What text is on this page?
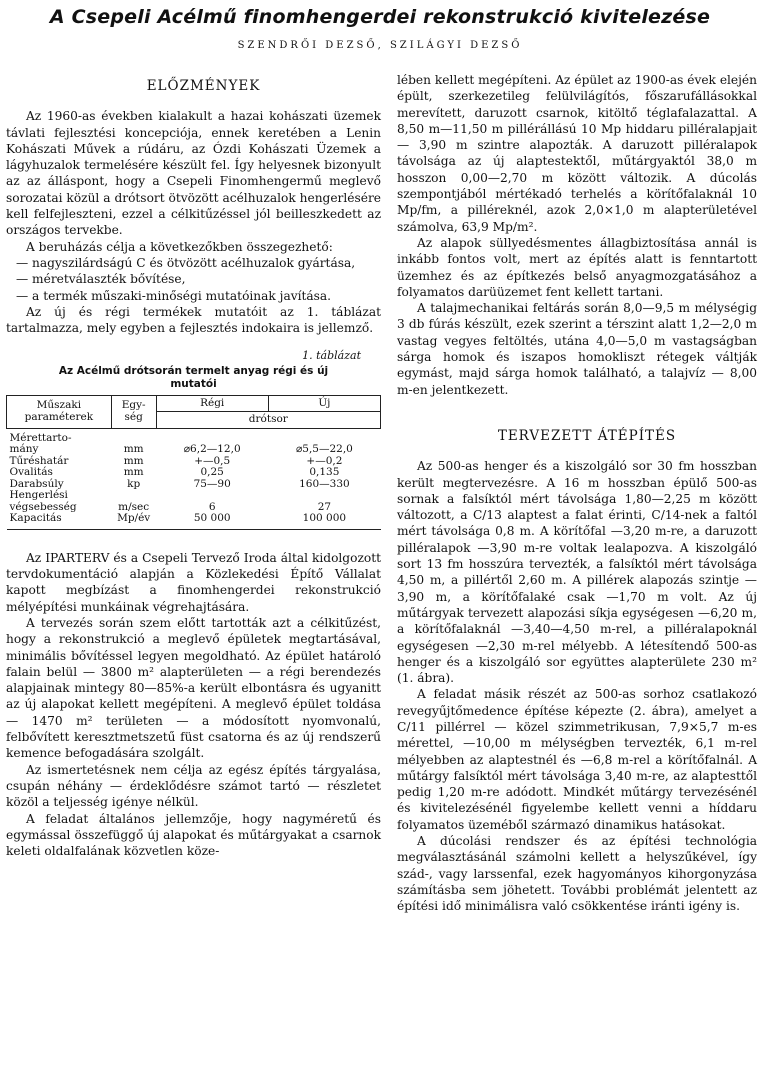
A Csepeli Acélmű finomhengerdei rekonstrukció kivitelezése
SZENDRŐI DEZSŐ, SZILÁGYI DEZSŐ

ELŐZMÉNYEK

Az 1960-as években kialakult a hazai kohászati üzemek távlati fejlesztési koncepciója, ennek keretében a Lenin Kohászati Művek a rúdáru, az Ózdi Kohászati Üzemek a lágyhuzalok termelésére készült fel. Így helyesnek bizonyult az az álláspont, hogy a Csepeli Finomhengermű meglevő sorozatai közül a drótsort ötvözött acélhuzalok hengerlésére kell felfejleszteni, ezzel a célkitűzéssel jól beilleszkedett az országos tervekbe.

A beruházás célja a következőkben összegezhető:

— nagyszilárdságú C és ötvözött acélhuzalok gyártása,

— méretválaszték bővítése,

— a termék műszaki-minőségi mutatóinak javítása.

Az új és régi termékek mutatóit az 1. táblázat tartalmazza, mely egyben a fejlesztés indokaira is jellemző.

1. táblázat

Az Acélmű drótsorán termelt anyag régi és új mutatói

Műszaki paraméterek	Egy-ség	Régi	Új
		drótsor	
Mérettarto-			
mány	mm	⌀6,2—12,0	⌀5,5—22,0
Tűréshatár	mm	+—0,5	+—0,2
Ovalitás	mm	0,25	0,135
Darabsúly	kp	75—90	160—330
Hengerlési			
végsebesség	m/sec	6	27
Kapacitás	Mp/év	50 000	100 000

Az IPARTERV és a Csepeli Tervező Iroda által kidolgozott tervdokumentáció alapján a Közlekedési Építő Vállalat kapott megbízást a finomhengerdei rekonstrukció mélyépítési munkáinak végrehajtására.

A tervezés során szem előtt tartották azt a célkitűzést, hogy a rekonstrukció a meglevő épületek megtartásával, minimális bővítéssel legyen megoldható. Az épület határoló falain belül — 3800 m² alapterületen — a régi berendezés alapjainak mintegy 80—85%-a került elbontásra és ugyanitt az új alapokat kellett megépíteni. A meglevő épület toldása — 1470 m² területen — a módosított nyomvonalú, felbővített keresztmetszetű füst csatorna és az új rendszerű kemence befogadására szolgált.

Az ismertetésnek nem célja az egész építés tárgyalása, csupán néhány — érdeklődésre számot tartó — részletet közöl a teljesség igénye nélkül.

A feladat általános jellemzője, hogy nagyméretű és egymással összefüggő új alapokat és műtárgyakat a csarnok keleti oldalfalának közvetlen köze-

lében kellett megépíteni. Az épület az 1900-as évek elején épült, szerkezetileg felülvilágítós, főszarufállásokkal merevített, daruzott csarnok, kitöltő téglafalazattal. A 8,50 m—11,50 m pillérállású 10 Mp hiddaru pilléralapjait — 3,90 m szintre alapozták. A daruzott pilléralapok távolsága az új alaptestektől, műtárgyaktól 38,0 m hosszon 0,00—2,70 m között változik. A dúcolás szempontjából mértékadó terhelés a körítőfalaknál 10 Mp/fm, a pilléreknél, azok 2,0×1,0 m alapterületével számolva, 63,9 Mp/m².

Az alapok süllyedésmentes állagbiztosítása annál is inkább fontos volt, mert az építés alatt is fenntartott üzemhez és az építkezés belső anyagmozgatásához a folyamatos darüüzemet fent kellett tartani.

A talajmechanikai feltárás során 8,0—9,5 m mélységig 3 db fúrás készült, ezek szerint a térszint alatt 1,2—2,0 m vastag vegyes feltöltés, utána 4,0—5,0 m vastagságban sárga homok és iszapos homokliszt rétegek váltják egymást, majd sárga homok található, a talajvíz — 8,00 m-en jelentkezett.

TERVEZETT ÁTÉPÍTÉS

Az 500-as henger és a kiszolgáló sor 30 fm hosszban került megtervezésre. A 16 m hosszban épülő 500-as sornak a falsíktól mért távolsága 1,80—2,25 m között változott, a C/13 alaptest a falat érinti, C/14-nek a faltól mért távolsága 0,8 m. A körítőfal —3,20 m-re, a daruzott pilléralapok —3,90 m-re voltak lealapozva. A kiszolgáló sort 13 fm hosszúra tervezték, a falsíktól mért távolsága 4,50 m, a pillértől 2,60 m. A pillérek alapozás szintje —3,90 m, a körítőfalaké csak —1,70 m volt. Az új műtárgyak tervezett alapozási síkja egységesen —6,20 m, a körítőfalaknál —3,40—4,50 m-rel, a pilléralapoknál egységesen —2,30 m-rel mélyebb. A létesítendő 500-as henger és a kiszolgáló sor együttes alapterülete 230 m² (1. ábra).

A feladat másik részét az 500-as sorhoz csatlakozó revegyűjtőmedence építése képezte (2. ábra), amelyet a C/11 pillérrel — közel szimmetrikusan, 7,9×5,7 m-es mérettel, —10,00 m mélységben tervezték, 6,1 m-rel mélyebben az alaptestnél és —6,8 m-rel a körítőfalnál. A műtárgy falsíktól mért távolsága 3,40 m-re, az alaptesttől pedig 1,20 m-re adódott. Mindkét műtárgy tervezésénél és kivitelezésénél figyelembe kellett venni a híddaru folyamatos üzeméből származó dinamikus hatásokat.

A dúcolási rendszer és az építési technológia megválasztásánál számolni kellett a helyszűkével, így szád-, vagy larssenfal, ezek hagyományos kihorgonyzása számításba sem jöhetett. További problémát jelentett az építési idő minimálisra való csökkentése iránti igény is.
